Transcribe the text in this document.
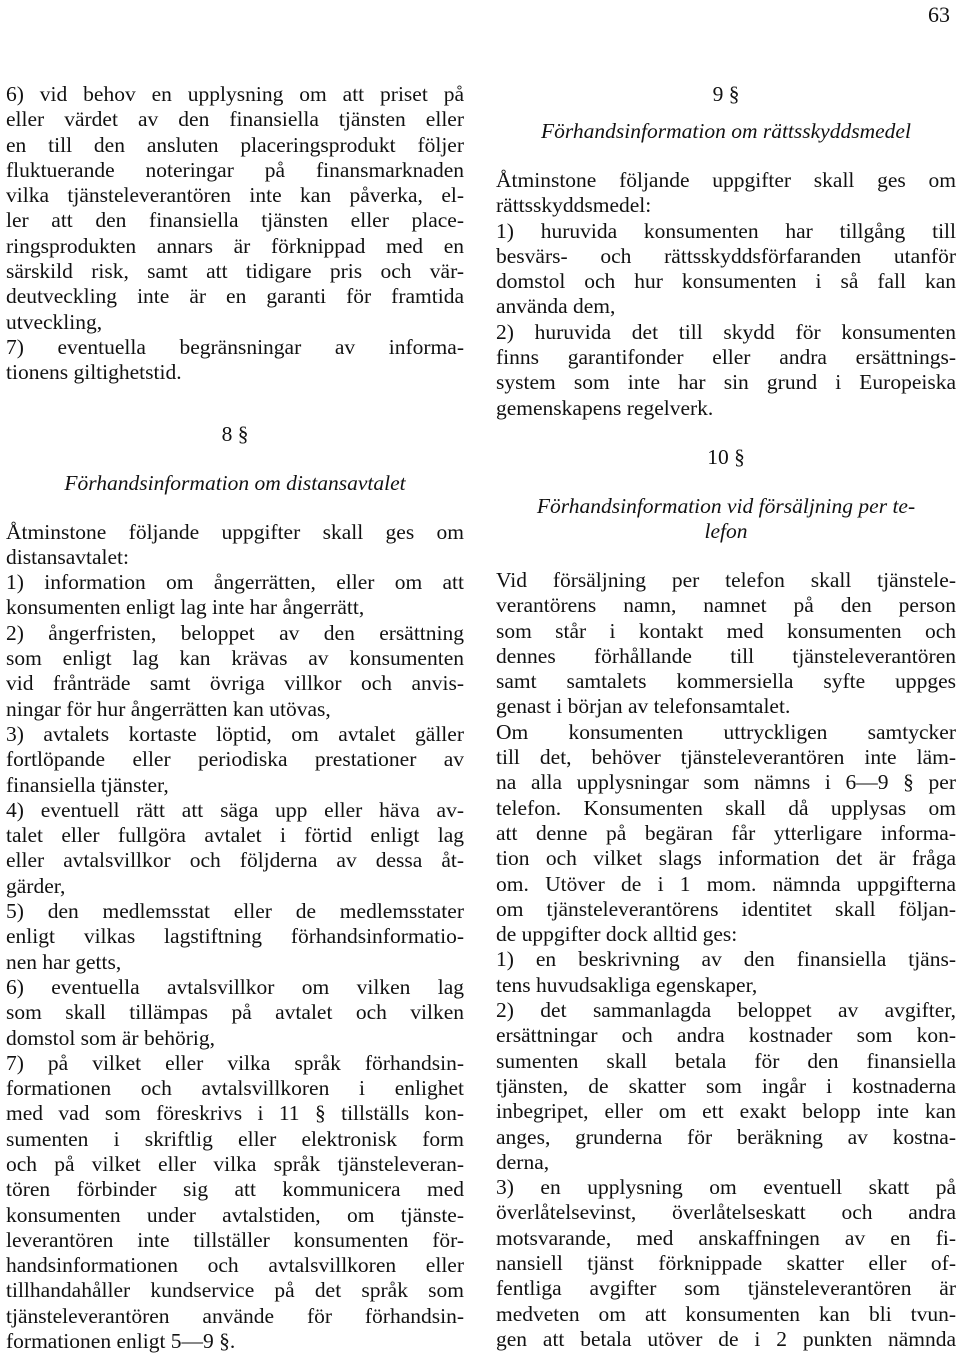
63
6) vid behov en upplysning om att priset på
eller värdet av den finansiella tjänsten eller
en till den ansluten placeringsprodukt följer
fluktuerande noteringar på finansmarknaden
vilka tjänsteleverantören inte kan påverka, el-
ler att den finansiella tjänsten eller place-
ringsprodukten annars är förknippad med en
särskild risk, samt att tidigare pris och vär-
deutveckling inte är en garanti för framtida
utveckling,
7) eventuella begränsningar av informa-
tionens giltighetstid.
8 §
Förhandsinformation om distansavtalet
Åtminstone följande uppgifter skall ges om
distansavtalet:
1) information om ångerrätten, eller om att
konsumenten enligt lag inte har ångerrätt,
2) ångerfristen, beloppet av den ersättning
som enligt lag kan krävas av konsumenten
vid frånträde samt övriga villkor och anvis-
ningar för hur ångerrätten kan utövas,
3) avtalets kortaste löptid, om avtalet gäller
fortlöpande eller periodiska prestationer av
finansiella tjänster,
4) eventuell rätt att säga upp eller häva av-
talet eller fullgöra avtalet i förtid enligt lag
eller avtalsvillkor och följderna av dessa åt-
gärder,
5) den medlemsstat eller de medlemsstater
enligt vilkas lagstiftning förhandsinformatio-
nen har getts,
6) eventuella avtalsvillkor om vilken lag
som skall tillämpas på avtalet och vilken
domstol som är behörig,
7) på vilket eller vilka språk förhandsin-
formationen och avtalsvillkoren i enlighet
med vad som föreskrivs i 11 § tillställs kon-
sumenten i skriftlig eller elektronisk form
och på vilket eller vilka språk tjänsteleveran-
tören förbinder sig att kommunicera med
konsumenten under avtalstiden, om tjänste-
leverantören inte tillställer konsumenten för-
handsinformationen och avtalsvillkoren eller
tillhandahåller kundservice på det språk som
tjänsteleverantören använde för förhandsin-
formationen enligt 5—9 §.
9 §
Förhandsinformation om rättsskyddsmedel
Åtminstone följande uppgifter skall ges om
rättsskyddsmedel:
1) huruvida konsumenten har tillgång till
besvärs- och rättsskyddsförfaranden utanför
domstol och hur konsumenten i så fall kan
använda dem,
2) huruvida det till skydd för konsumenten
finns garantifonder eller andra ersättnings-
system som inte har sin grund i Europeiska
gemenskapens regelverk.
10 §
Förhandsinformation vid försäljning per te-
lefon
Vid försäljning per telefon skall tjänstele-
verantörens namn, namnet på den person
som står i kontakt med konsumenten och
dennes förhållande till tjänsteleverantören
samt samtalets kommersiella syfte uppges
genast i början av telefonsamtalet.
Om konsumenten uttryckligen samtycker
till det, behöver tjänsteleverantören inte läm-
na alla upplysningar som nämns i 6—9 § per
telefon. Konsumenten skall då upplysas om
att denne på begäran får ytterligare informa-
tion och vilket slags information det är fråga
om. Utöver de i 1 mom. nämnda uppgifterna
om tjänsteleverantörens identitet skall följan-
de uppgifter dock alltid ges:
1) en beskrivning av den finansiella tjäns-
tens huvudsakliga egenskaper,
2) det sammanlagda beloppet av avgifter,
ersättningar och andra kostnader som kon-
sumenten skall betala för den finansiella
tjänsten, de skatter som ingår i kostnaderna
inbegripet, eller om ett exakt belopp inte kan
anges, grunderna för beräkning av kostna-
derna,
3) en upplysning om eventuell skatt på
överlåtelsevinst, överlåtelseskatt och andra
motsvarande, med anskaffningen av en fi-
nansiell tjänst förknippade skatter eller of-
fentliga avgifter som tjänsteleverantören är
medveten om att konsumenten kan bli tvun-
gen att betala utöver de i 2 punkten nämnda
